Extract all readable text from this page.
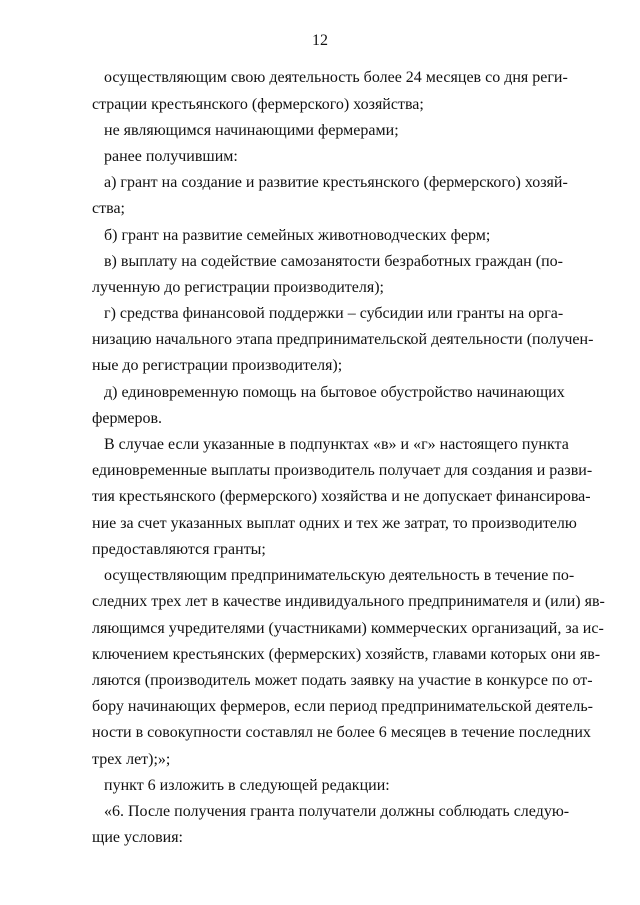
12

осуществляющим свою деятельность более 24 месяцев со дня реги-

страции крестьянского (фермерского) хозяйства;

не являющимся начинающими фермерами;

ранее получившим:

а) грант на создание и развитие крестьянского (фермерского) хозяй-

ства;

б) грант на развитие семейных животноводческих ферм;

в) выплату на содействие самозанятости безработных граждан (по-

лученную до регистрации производителя);

г) средства финансовой поддержки – субсидии или гранты на орга-

низацию начального этапа предпринимательской деятельности (получен-

ные до регистрации производителя);

д) единовременную помощь на бытовое обустройство начинающих

фермеров.

В случае если указанные в подпунктах «в» и «г» настоящего пункта

единовременные выплаты производитель получает для создания и разви-

тия крестьянского (фермерского) хозяйства и не допускает финансирова-

ние за счет указанных выплат одних и тех же затрат, то производителю

предоставляются гранты;

осуществляющим предпринимательскую деятельность в течение по-

следних трех лет в качестве индивидуального предпринимателя и (или) яв-

ляющимся учредителями (участниками) коммерческих организаций, за ис-

ключением крестьянских (фермерских) хозяйств, главами которых они яв-

ляются (производитель может подать заявку на участие в конкурсе по от-

бору начинающих фермеров, если период предпринимательской деятель-

ности в совокупности составлял не более 6 месяцев в течение последних

трех лет);»;

пункт 6 изложить в следующей редакции:

«6. После получения гранта получатели должны соблюдать следую-

щие условия:
